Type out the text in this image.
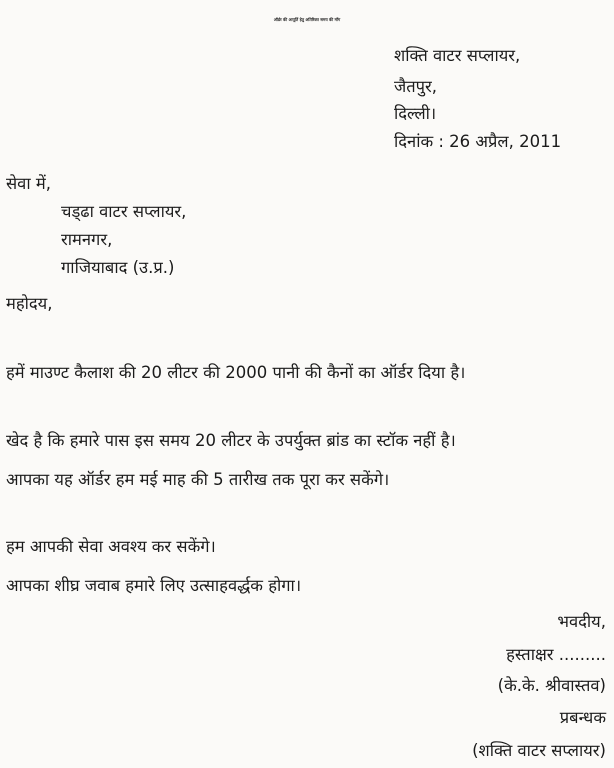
ऑर्डर की आपूर्ति हेतु अतिरिक्त समय की माँग
शक्ति वाटर सप्लायर,
जैतपुर,
दिल्ली।
दिनांक : 26 अप्रैल, 2011
सेवा में,
चड्‌ढा वाटर सप्लायर,
रामनगर,
गाजियाबाद (उ.प्र.)
महोदय,
हमें माउण्ट कैलाश की 20 लीटर की 2000 पानी की कैनों का ऑर्डर दिया है।
खेद है कि हमारे पास इस समय 20 लीटर के उपर्युक्त ब्रांड का स्टॉक नहीं है।
आपका यह ऑर्डर हम मई माह की 5 तारीख तक पूरा कर सकेंगे।
हम आपकी सेवा अवश्य कर सकेंगे।
आपका शीघ्र जवाब हमारे लिए उत्साहवर्द्धक होगा।
भवदीय,
हस्ताक्षर .........
(के.के. श्रीवास्तव)
प्रबन्धक
(शक्ति वाटर सप्लायर)
